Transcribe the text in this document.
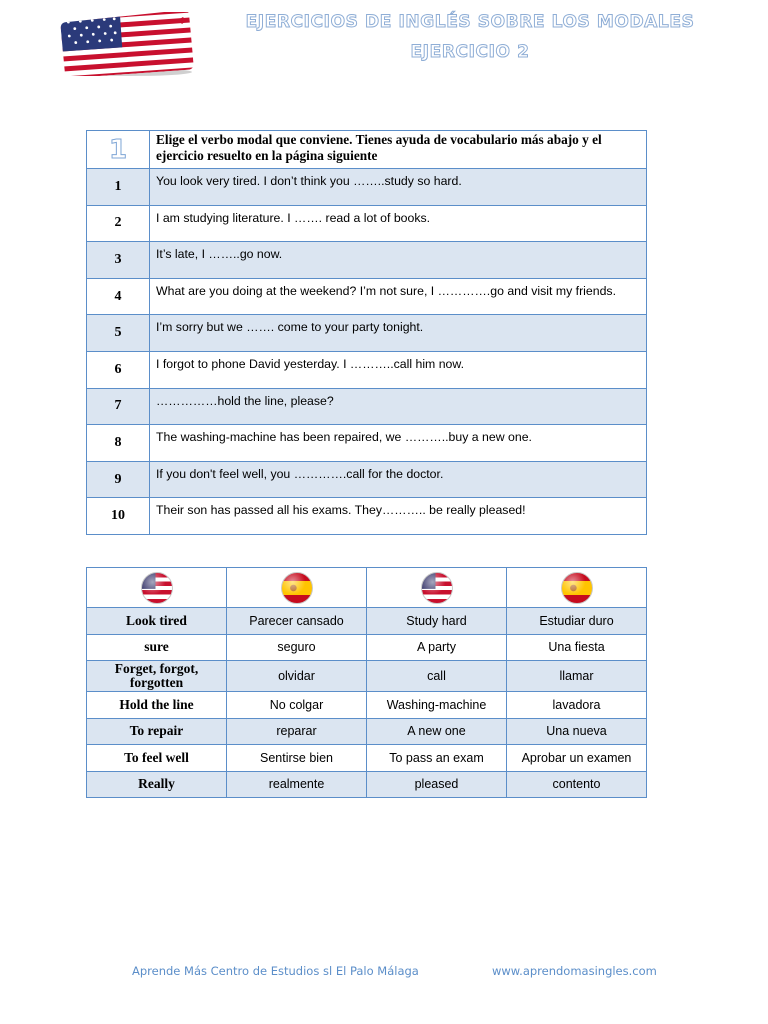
EJERCICIOS DE INGLÉS SOBRE LOS MODALES
EJERCICIO 2
1	Elige el verbo modal que conviene. Tienes ayuda de vocabulario más abajo y el ejercicio resuelto en la página siguiente
1	You look very tired. I don’t think you ……..study so hard.
2	I am studying literature. I ……. read a lot of books.
3	It’s late, I ……..go now.
4	What are you doing at the weekend? I’m not sure, I ………….go and visit my friends.
5	I’m sorry but we ……. come to your party tonight.
6	I forgot to phone David yesterday. I ………..call him now.
7	……………hold the line, please?
8	The washing-machine has been repaired, we ………..buy a new one.
9	If you don't feel well, you ………….call for the doctor.
10	Their son has passed all his exams. They……….. be really pleased!

Look tired	Parecer cansado	Study hard	Estudiar duro
sure	seguro	A party	Una fiesta
Forget, forgot, forgotten	olvidar	call	llamar
Hold the line	No colgar	Washing-machine	lavadora
To repair	reparar	A new one	Una nueva
To feel well	Sentirse bien	To pass an exam	Aprobar un examen
Really	realmente	pleased	contento
Aprende Más Centro de Estudios sl El Palo Málaga	www.aprendomasingles.com
